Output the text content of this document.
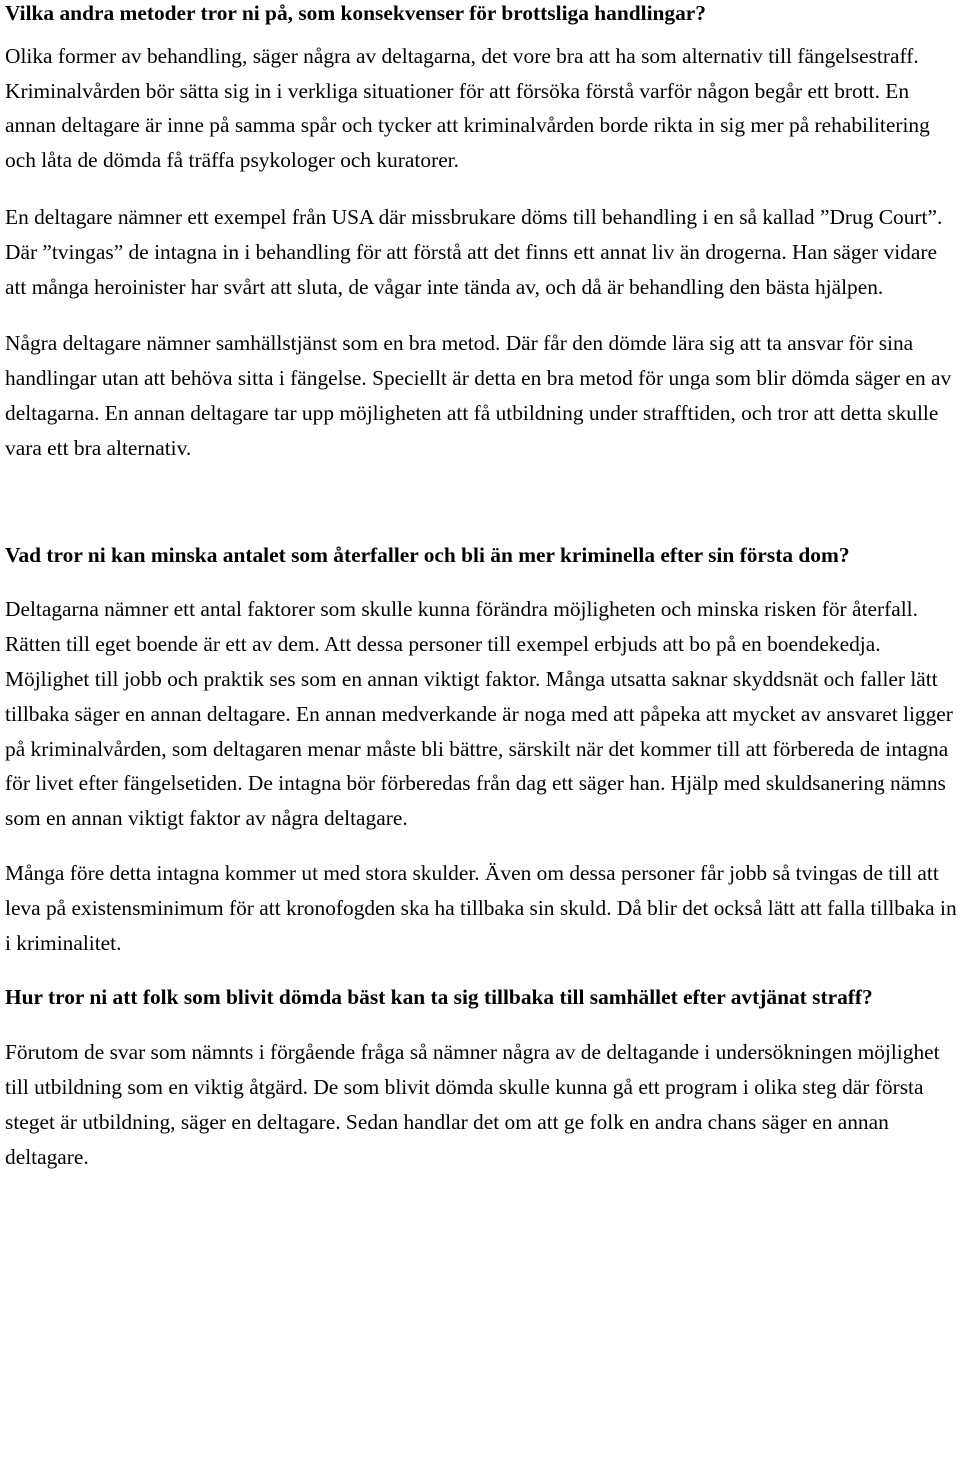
Vilka andra metoder tror ni på, som konsekvenser för brottsliga handlingar?

Olika former av behandling, säger några av deltagarna, det vore bra att ha som alternativ till fängelsestraff. Kriminalvården bör sätta sig in i verkliga situationer för att försöka förstå varför någon begår ett brott. En annan deltagare är inne på samma spår och tycker att kriminalvården borde rikta in sig mer på rehabilitering och låta de dömda få träffa psykologer och kuratorer.

En deltagare nämner ett exempel från USA där missbrukare döms till behandling i en så kallad ”Drug Court”. Där ”tvingas” de intagna in i behandling för att förstå att det finns ett annat liv än drogerna. Han säger vidare att många heroinister har svårt att sluta, de vågar inte tända av, och då är behandling den bästa hjälpen.

Några deltagare nämner samhällstjänst som en bra metod. Där får den dömde lära sig att ta ansvar för sina handlingar utan att behöva sitta i fängelse. Speciellt är detta en bra metod för unga som blir dömda säger en av deltagarna. En annan deltagare tar upp möjligheten att få utbildning under strafftiden, och tror att detta skulle vara ett bra alternativ.

Vad tror ni kan minska antalet som återfaller och bli än mer kriminella efter sin första dom?

Deltagarna nämner ett antal faktorer som skulle kunna förändra möjligheten och minska risken för återfall. Rätten till eget boende är ett av dem. Att dessa personer till exempel erbjuds att bo på en boendekedja. Möjlighet till jobb och praktik ses som en annan viktigt faktor. Många utsatta saknar skyddsnät och faller lätt tillbaka säger en annan deltagare. En annan medverkande är noga med att påpeka att mycket av ansvaret ligger på kriminalvården, som deltagaren menar måste bli bättre, särskilt när det kommer till att förbereda de intagna för livet efter fängelsetiden. De intagna bör förberedas från dag ett säger han. Hjälp med skuldsanering nämns som en annan viktigt faktor av några deltagare.

Många före detta intagna kommer ut med stora skulder. Även om dessa personer får jobb så tvingas de till att leva på existensminimum för att kronofogden ska ha tillbaka sin skuld. Då blir det också lätt att falla tillbaka in i kriminalitet.

Hur tror ni att folk som blivit dömda bäst kan ta sig tillbaka till samhället efter avtjänat straff?

Förutom de svar som nämnts i förgående fråga så nämner några av de deltagande i undersökningen möjlighet till utbildning som en viktig åtgärd. De som blivit dömda skulle kunna gå ett program i olika steg där första steget är utbildning, säger en deltagare. Sedan handlar det om att ge folk en andra chans säger en annan deltagare.
